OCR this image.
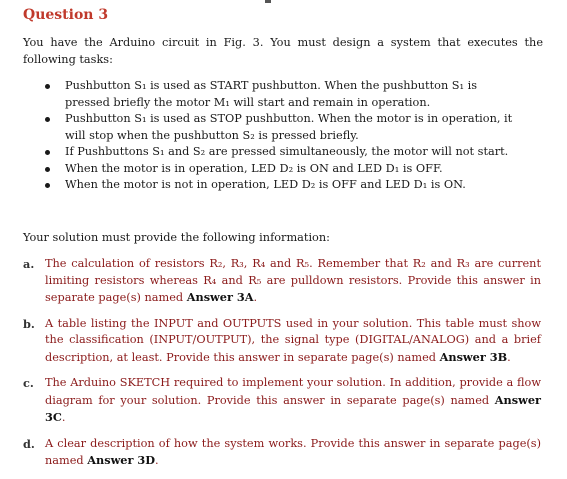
Question 3
You have the Arduino circuit in Fig. 3. You must design a system that executes the following tasks:
Pushbutton S₁ is used as START pushbutton. When the pushbutton S₁ is pressed briefly the motor M₁ will start and remain in operation.
Pushbutton S₁ is used as STOP pushbutton. When the motor is in operation, it will stop when the pushbutton S₂ is pressed briefly.
If Pushbuttons S₁ and S₂ are pressed simultaneously, the motor will not start.
When the motor is in operation, LED D₂ is ON and LED D₁ is OFF.
When the motor is not in operation, LED D₂ is OFF and LED D₁ is ON.
Your solution must provide the following information:
a. The calculation of resistors R₂, R₃, R₄ and R₅. Remember that R₂ and R₃ are current limiting resistors whereas R₄ and R₅ are pulldown resistors. Provide this answer in separate page(s) named Answer 3A.
b. A table listing the INPUT and OUTPUTS used in your solution. This table must show the classification (INPUT/OUTPUT), the signal type (DIGITAL/ANALOG) and a brief description, at least. Provide this answer in separate page(s) named Answer 3B.
c. The Arduino SKETCH required to implement your solution. In addition, provide a flow diagram for your solution. Provide this answer in separate page(s) named Answer 3C.
d. A clear description of how the system works. Provide this answer in separate page(s) named Answer 3D.
